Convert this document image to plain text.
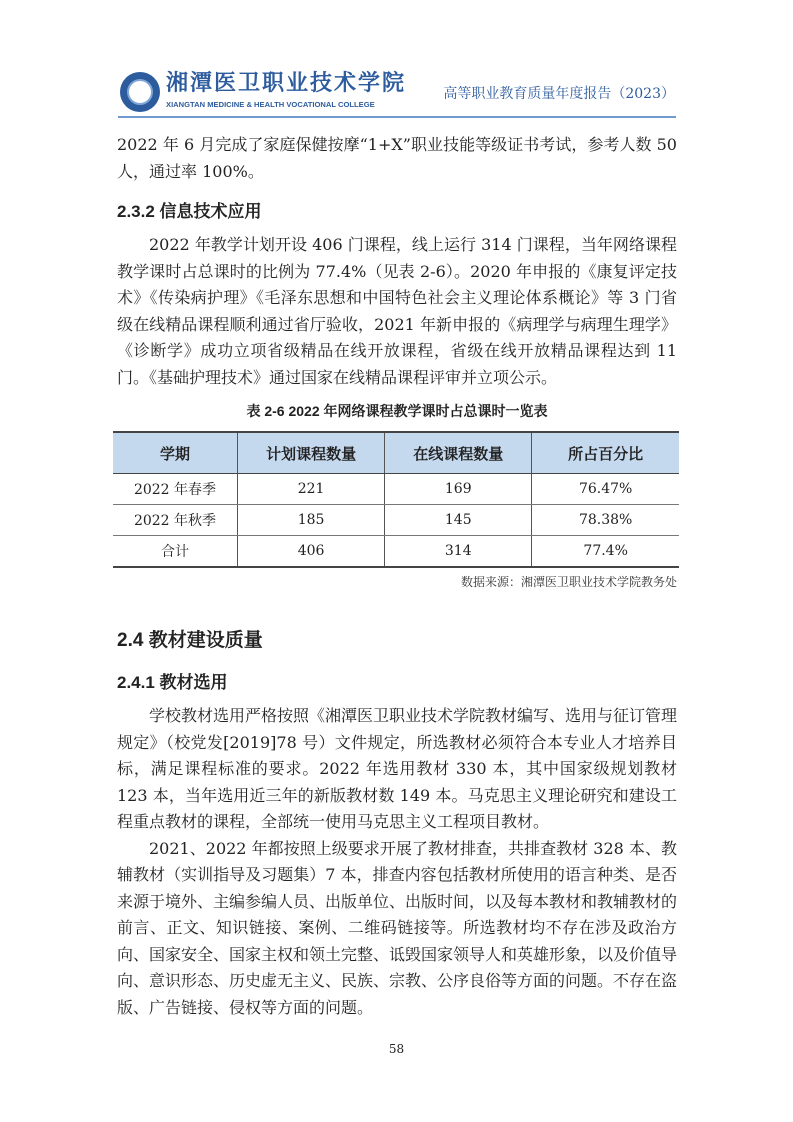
湘潭医卫职业技术学院
XIANGTAN MEDICINE & HEALTH VOCATIONAL COLLEGE
高等职业教育质量年度报告（2023）

2022 年 6 月完成了家庭保健按摩“1+X”职业技能等级证书考试，参考人数 50 人，通过率 100%。

2.3.2 信息技术应用

2022 年教学计划开设 406 门课程，线上运行 314 门课程，当年网络课程教学课时占总课时的比例为 77.4%（见表 2-6）。2020 年申报的《康复评定技术》《传染病护理》《毛泽东思想和中国特色社会主义理论体系概论》等 3 门省级在线精品课程顺利通过省厅验收，2021 年新申报的《病理学与病理生理学》《诊断学》成功立项省级精品在线开放课程，省级在线开放精品课程达到 11 门。《基础护理技术》通过国家在线精品课程评审并立项公示。

表 2-6 2022 年网络课程教学课时占总课时一览表
学期	计划课程数量	在线课程数量	所占百分比
2022 年春季	221	169	76.47%
2022 年秋季	185	145	78.38%
合计	406	314	77.4%
数据来源：湘潭医卫职业技术学院教务处
2.4 教材建设质量
2.4.1 教材选用

学校教材选用严格按照《湘潭医卫职业技术学院教材编写、选用与征订管理规定》（校党发[2019]78 号）文件规定，所选教材必须符合本专业人才培养目标，满足课程标准的要求。2022 年选用教材 330 本，其中国家级规划教材 123 本，当年选用近三年的新版教材数 149 本。马克思主义理论研究和建设工程重点教材的课程，全部统一使用马克思主义工程项目教材。

2021、2022 年都按照上级要求开展了教材排查，共排查教材 328 本、教辅教材（实训指导及习题集）7 本，排查内容包括教材所使用的语言种类、是否来源于境外、主编参编人员、出版单位、出版时间，以及每本教材和教辅教材的前言、正文、知识链接、案例、二维码链接等。所选教材均不存在涉及政治方向、国家安全、国家主权和领土完整、诋毁国家领导人和英雄形象，以及价值导向、意识形态、历史虚无主义、民族、宗教、公序良俗等方面的问题。不存在盗版、广告链接、侵权等方面的问题。

58
